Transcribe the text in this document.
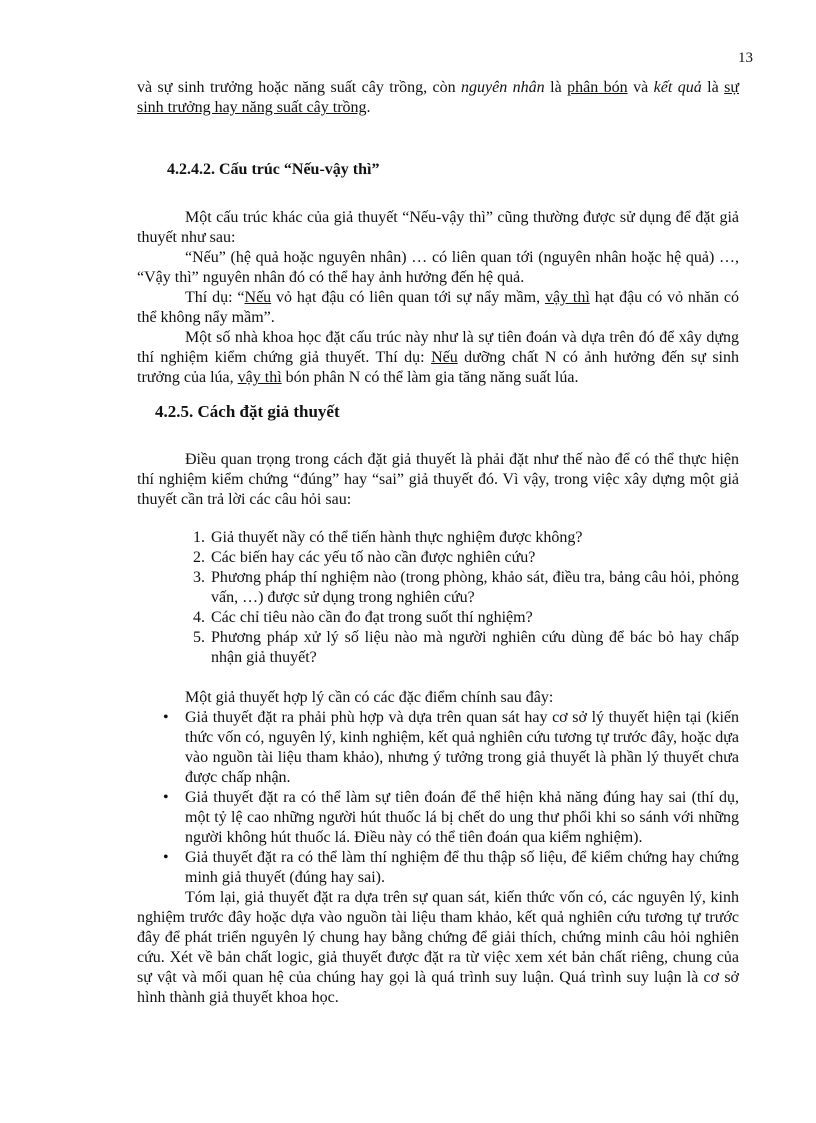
13

và sự sinh trưởng hoặc năng suất cây trồng, còn nguyên nhân là phân bón và kết quả là sự sinh trưởng hay năng suất cây trồng.

4.2.4.2. Cấu trúc “Nếu-vậy thì”

Một cấu trúc khác của giả thuyết “Nếu-vậy thì” cũng thường được sử dụng để đặt giả thuyết như sau:

“Nếu” (hệ quả hoặc nguyên nhân) … có liên quan tới (nguyên nhân hoặc hệ quả) …, “Vậy thì” nguyên nhân đó có thể hay ảnh hưởng đến hệ quả.

Thí dụ: “Nếu vỏ hạt đậu có liên quan tới sự nẩy mầm, vậy thì hạt đậu có vỏ nhăn có thể không nẩy mầm”.

Một số nhà khoa học đặt cấu trúc này như là sự tiên đoán và dựa trên đó để xây dựng thí nghiệm kiểm chứng giả thuyết. Thí dụ: Nếu dưỡng chất N có ảnh hưởng đến sự sinh trưởng của lúa, vậy thì bón phân N có thể làm gia tăng năng suất lúa.

4.2.5. Cách đặt giả thuyết

Điều quan trọng trong cách đặt giả thuyết là phải đặt như thế nào để có thể thực hiện thí nghiệm kiểm chứng “đúng” hay “sai” giả thuyết đó. Vì vậy, trong việc xây dựng một giả thuyết cần trả lời các câu hỏi sau:

1. Giả thuyết nầy có thể tiến hành thực nghiệm được không?
2. Các biến hay các yếu tố nào cần được nghiên cứu?
3. Phương pháp thí nghiệm nào (trong phòng, khảo sát, điều tra, bảng câu hỏi, phỏng vấn, …) được sử dụng trong nghiên cứu?
4. Các chỉ tiêu nào cần đo đạt trong suốt thí nghiệm?
5. Phương pháp xử lý số liệu nào mà người nghiên cứu dùng để bác bỏ hay chấp nhận giả thuyết?

Một giả thuyết hợp lý cần có các đặc điểm chính sau đây:

• Giả thuyết đặt ra phải phù hợp và dựa trên quan sát hay cơ sở lý thuyết hiện tại (kiến thức vốn có, nguyên lý, kinh nghiệm, kết quả nghiên cứu tương tự trước đây, hoặc dựa vào nguồn tài liệu tham khảo), nhưng ý tưởng trong giả thuyết là phần lý thuyết chưa được chấp nhận.
• Giả thuyết đặt ra có thể làm sự tiên đoán để thể hiện khả năng đúng hay sai (thí dụ, một tỷ lệ cao những người hút thuốc lá bị chết do ung thư phổi khi so sánh với những người không hút thuốc lá. Điều này có thể tiên đoán qua kiểm nghiệm).
• Giả thuyết đặt ra có thể làm thí nghiệm để thu thập số liệu, để kiểm chứng hay chứng minh giả thuyết (đúng hay sai).

Tóm lại, giả thuyết đặt ra dựa trên sự quan sát, kiến thức vốn có, các nguyên lý, kinh nghiệm trước đây hoặc dựa vào nguồn tài liệu tham khảo, kết quả nghiên cứu tương tự trước đây để phát triển nguyên lý chung hay bằng chứng để giải thích, chứng minh câu hỏi nghiên cứu. Xét về bản chất logic, giả thuyết được đặt ra từ việc xem xét bản chất riêng, chung của sự vật và mối quan hệ của chúng hay gọi là quá trình suy luận. Quá trình suy luận là cơ sở hình thành giả thuyết khoa học.
